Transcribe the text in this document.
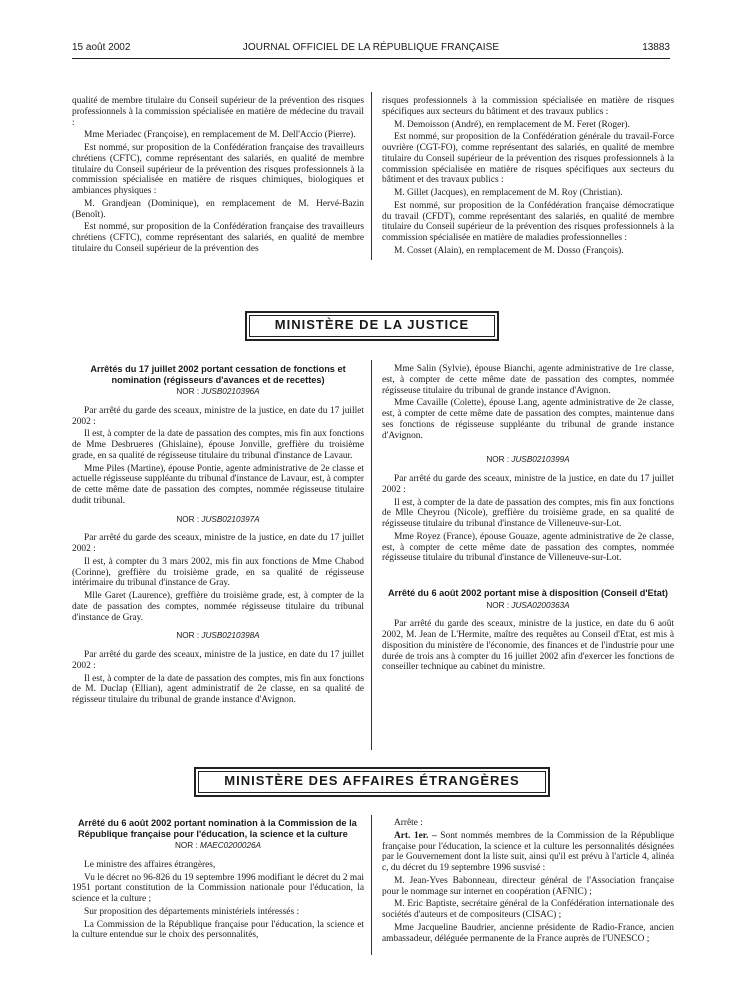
15 août 2002	JOURNAL OFFICIEL DE LA RÉPUBLIQUE FRANÇAISE	13883

qualité de membre titulaire du Conseil supérieur de la prévention des risques professionnels à la commission spécialisée en matière de médecine du travail :

Mme Meriadec (Françoise), en remplacement de M. Dell'Accio (Pierre).

Est nommé, sur proposition de la Confédération française des travailleurs chrétiens (CFTC), comme représentant des salariés, en qualité de membre titulaire du Conseil supérieur de la prévention des risques professionnels à la commission spécialisée en matière de risques chimiques, biologiques et ambiances physiques :

M. Grandjean (Dominique), en remplacement de M. Hervé-Bazin (Benoît).

Est nommé, sur proposition de la Confédération française des travailleurs chrétiens (CFTC), comme représentant des salariés, en qualité de membre titulaire du Conseil supérieur de la prévention des

risques professionnels à la commission spécialisée en matière de risques spécifiques aux secteurs du bâtiment et des travaux publics :

M. Demoisson (André), en remplacement de M. Feret (Roger).

Est nommé, sur proposition de la Confédération générale du travail-Force ouvrière (CGT-FO), comme représentant des salariés, en qualité de membre titulaire du Conseil supérieur de la prévention des risques professionnels à la commission spécialisée en matière de risques spécifiques aux secteurs du bâtiment et des travaux publics :

M. Gillet (Jacques), en remplacement de M. Roy (Christian).

Est nommé, sur proposition de la Confédération française démocratique du travail (CFDT), comme représentant des salariés, en qualité de membre titulaire du Conseil supérieur de la prévention des risques professionnels à la commission spécialisée en matière de maladies professionnelles :

M. Cosset (Alain), en remplacement de M. Dosso (François).

MINISTÈRE DE LA JUSTICE
Arrêtés du 17 juillet 2002 portant cessation de fonctions et nomination (régisseurs d'avances et de recettes)

NOR : JUSB0210396A

Par arrêté du garde des sceaux, ministre de la justice, en date du 17 juillet 2002 :

Il est, à compter de la date de passation des comptes, mis fin aux fonctions de Mme Desbrueres (Ghislaine), épouse Jonville, greffière du troisième grade, en sa qualité de régisseuse titulaire du tribunal d'instance de Lavaur.

Mme Piles (Martine), épouse Pontie, agente administrative de 2e classe et actuelle régisseuse suppléante du tribunal d'instance de Lavaur, est, à compter de cette même date de passation des comptes, nommée régisseuse titulaire dudit tribunal.

NOR : JUSB0210397A

Par arrêté du garde des sceaux, ministre de la justice, en date du 17 juillet 2002 :

Il est, à compter du 3 mars 2002, mis fin aux fonctions de Mme Chabod (Corinne), greffière du troisième grade, en sa qualité de régisseuse intérimaire du tribunal d'instance de Gray.

Mlle Garet (Laurence), greffière du troisième grade, est, à compter de la date de passation des comptes, nommée régisseuse titulaire du tribunal d'instance de Gray.

NOR : JUSB0210398A

Par arrêté du garde des sceaux, ministre de la justice, en date du 17 juillet 2002 :

Il est, à compter de la date de passation des comptes, mis fin aux fonctions de M. Duclap (Ellian), agent administratif de 2e classe, en sa qualité de régisseur titulaire du tribunal de grande instance d'Avignon.

Mme Salin (Sylvie), épouse Bianchi, agente administrative de 1re classe, est, à compter de cette même date de passation des comptes, nommée régisseuse titulaire du tribunal de grande instance d'Avignon.

Mme Cavaille (Colette), épouse Lang, agente administrative de 2e classe, est, à compter de cette même date de passation des comptes, maintenue dans ses fonctions de régisseuse suppléante du tribunal de grande instance d'Avignon.

NOR : JUSB0210399A

Par arrêté du garde des sceaux, ministre de la justice, en date du 17 juillet 2002 :

Il est, à compter de la date de passation des comptes, mis fin aux fonctions de Mlle Cheyrou (Nicole), greffière du troisième grade, en sa qualité de régisseuse titulaire du tribunal d'instance de Villeneuve-sur-Lot.

Mme Royez (France), épouse Gouaze, agente administrative de 2e classe, est, à compter de cette même date de passation des comptes, nommée régisseuse titulaire du tribunal d'instance de Villeneuve-sur-Lot.

Arrêté du 6 août 2002 portant mise à disposition (Conseil d'Etat)

NOR : JUSA0200363A

Par arrêté du garde des sceaux, ministre de la justice, en date du 6 août 2002, M. Jean de L'Hermite, maître des requêtes au Conseil d'Etat, est mis à disposition du ministère de l'économie, des finances et de l'industrie pour une durée de trois ans à compter du 16 juillet 2002 afin d'exercer les fonctions de conseiller technique au cabinet du ministre.

MINISTÈRE DES AFFAIRES ÉTRANGÈRES
Arrêté du 6 août 2002 portant nomination à la Commission de la République française pour l'éducation, la science et la culture

NOR : MAEC0200026A

Le ministre des affaires étrangères,

Vu le décret no 96-826 du 19 septembre 1996 modifiant le décret du 2 mai 1951 portant constitution de la Commission nationale pour l'éducation, la science et la culture ;

Sur proposition des départements ministériels intéressés :

La Commission de la République française pour l'éducation, la science et la culture entendue sur le choix des personnalités,

Arrête :

Art. 1er. – Sont nommés membres de la Commission de la République française pour l'éducation, la science et la culture les personnalités désignées par le Gouvernement dont la liste suit, ainsi qu'il est prévu à l'article 4, alinéa c, du décret du 19 septembre 1996 susvisé :

M. Jean-Yves Babonneau, directeur général de l'Association française pour le nommage sur internet en coopération (AFNIC) ;

M. Eric Baptiste, secrétaire général de la Confédération internationale des sociétés d'auteurs et de compositeurs (CISAC) ;

Mme Jacqueline Baudrier, ancienne présidente de Radio-France, ancien ambassadeur, déléguée permanente de la France auprès de l'UNESCO ;
